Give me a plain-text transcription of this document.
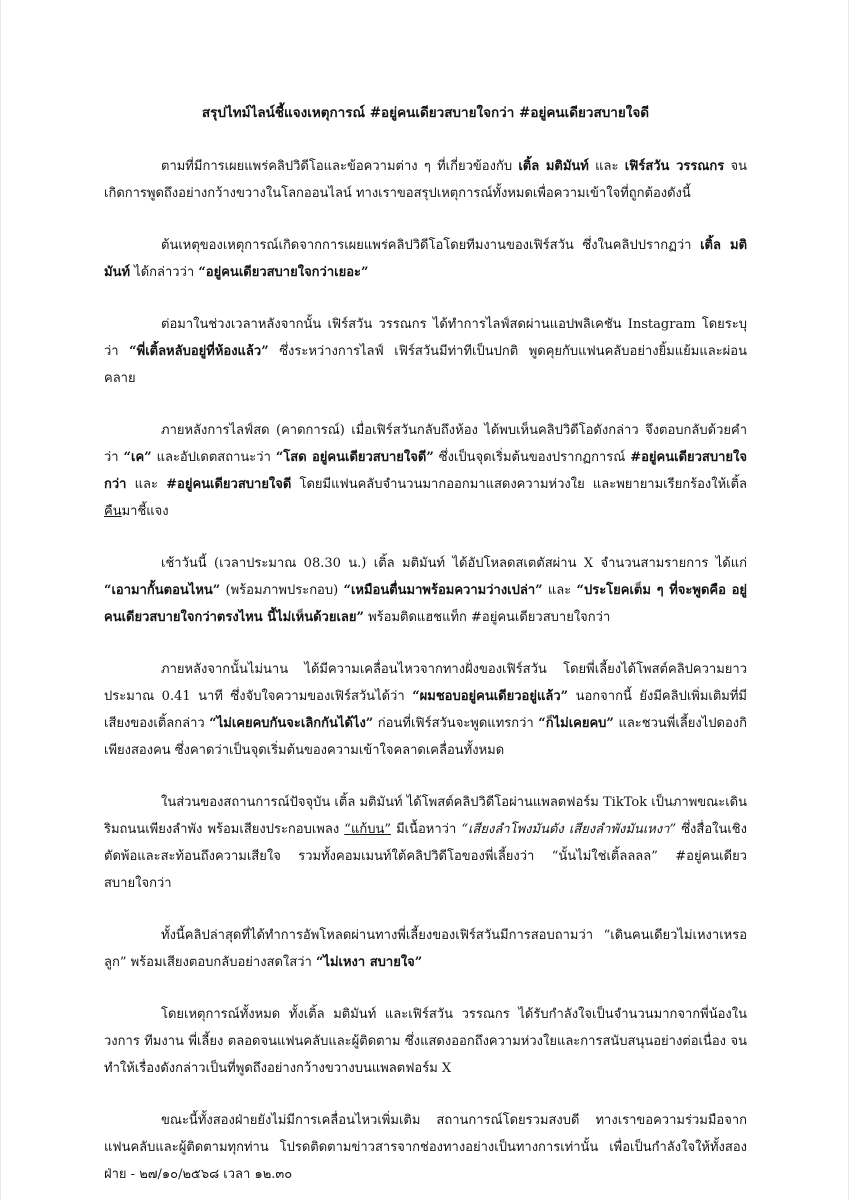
สรุปไทม์ไลน์ชี้แจงเหตุการณ์ #อยู่คนเดียวสบายใจกว่า #อยู่คนเดียวสบายใจดี

ตามที่มีการเผยแพร่คลิปวิดีโอและข้อความต่าง ๆ ที่เกี่ยวข้องกับ เติ้ล มติมันท์ และ เฟิร์สวัน วรรณกร จนเกิดการพูดถึงอย่างกว้างขวางในโลกออนไลน์ ทางเราขอสรุปเหตุการณ์ทั้งหมดเพื่อความเข้าใจที่ถูกต้องดังนี้

ต้นเหตุของเหตุการณ์เกิดจากการเผยแพร่คลิปวิดีโอโดยทีมงานของเฟิร์สวัน ซึ่งในคลิปปรากฏว่า เติ้ล มติมันท์ ได้กล่าวว่า “อยู่คนเดียวสบายใจกว่าเยอะ”

ต่อมาในช่วงเวลาหลังจากนั้น เฟิร์สวัน วรรณกร ได้ทำการไลฟ์สดผ่านแอปพลิเคชัน Instagram โดยระบุว่า “พี่เติ้ลหลับอยู่ที่ห้องแล้ว” ซึ่งระหว่างการไลฟ์ เฟิร์สวันมีท่าทีเป็นปกติ พูดคุยกับแฟนคลับอย่างยิ้มแย้มและผ่อนคลาย

ภายหลังการไลฟ์สด (คาดการณ์) เมื่อเฟิร์สวันกลับถึงห้อง ได้พบเห็นคลิปวิดีโอดังกล่าว จึงตอบกลับด้วยคำว่า “เค” และอัปเดตสถานะว่า “โสด อยู่คนเดียวสบายใจดี” ซึ่งเป็นจุดเริ่มต้นของปรากฏการณ์ #อยู่คนเดียวสบายใจกว่า และ #อยู่คนเดียวสบายใจดี โดยมีแฟนคลับจำนวนมากออกมาแสดงความห่วงใย และพยายามเรียกร้องให้เติ้ลคืนมาชี้แจง

เช้าวันนี้ (เวลาประมาณ 08.30 น.) เติ้ล มติมันท์ ได้อัปโหลดสเตตัสผ่าน X จำนวนสามรายการ ได้แก่ “เอามากั้นตอนไหน” (พร้อมภาพประกอบ) “เหมือนตื่นมาพร้อมความว่างเปล่า” และ “ประโยคเต็ม ๆ ที่จะพูดคือ อยู่คนเดียวสบายใจกว่าตรงไหน นี้ไม่เห็นด้วยเลย” พร้อมติดแฮชแท็ก #อยู่คนเดียวสบายใจกว่า

ภายหลังจากนั้นไม่นาน ได้มีความเคลื่อนไหวจากทางฝั่งของเฟิร์สวัน โดยพี่เลี้ยงได้โพสต์คลิปความยาวประมาณ 0.41 นาที ซึ่งจับใจความของเฟิร์สวันได้ว่า “ผมชอบอยู่คนเดียวอยู่แล้ว” นอกจากนี้ ยังมีคลิปเพิ่มเติมที่มีเสียงของเติ้ลกล่าว “ไม่เคยคบกันจะเลิกกันได้ไง” ก่อนที่เฟิร์สวันจะพูดแทรกว่า “ก็ไม่เคยคบ” และชวนพี่เลี้ยงไปดองกิเพียงสองคน ซึ่งคาดว่าเป็นจุดเริ่มต้นของความเข้าใจคลาดเคลื่อนทั้งหมด

ในส่วนของสถานการณ์ปัจจุบัน เติ้ล มติมันท์ ได้โพสต์คลิปวิดีโอผ่านแพลตฟอร์ม TikTok เป็นภาพขณะเดินริมถนนเพียงลำพัง พร้อมเสียงประกอบเพลง “แก้บน” มีเนื้อหาว่า “เสียงลำโพงมันดัง เสียงลำพังมันเหงา” ซึ่งสื่อในเชิงตัดพ้อและสะท้อนถึงความเสียใจ รวมทั้งคอมเมนท์ใต้คลิปวิดีโอของพี่เลี้ยงว่า “นั้นไม่ใช่เติ้ลลลล” #อยู่คนเดียวสบายใจกว่า

ทั้งนี้คลิปล่าสุดที่ได้ทำการอัพโหลดผ่านทางพี่เลี้ยงของเฟิร์สวันมีการสอบถามว่า “เดินคนเดียวไม่เหงาเหรอลูก” พร้อมเสียงตอบกลับอย่างสดใสว่า “ไม่เหงา สบายใจ”

โดยเหตุการณ์ทั้งหมด ทั้งเติ้ล มติมันท์ และเฟิร์สวัน วรรณกร ได้รับกำลังใจเป็นจำนวนมากจากพี่น้องในวงการ ทีมงาน พี่เลี้ยง ตลอดจนแฟนคลับและผู้ติดตาม ซึ่งแสดงออกถึงความห่วงใยและการสนับสนุนอย่างต่อเนื่อง จนทำให้เรื่องดังกล่าวเป็นที่พูดถึงอย่างกว้างขวางบนแพลตฟอร์ม X

ขณะนี้ทั้งสองฝ่ายยังไม่มีการเคลื่อนไหวเพิ่มเติม สถานการณ์โดยรวมสงบดี ทางเราขอความร่วมมือจากแฟนคลับและผู้ติดตามทุกท่าน โปรดติดตามข่าวสารจากช่องทางอย่างเป็นทางการเท่านั้น เพื่อเป็นกำลังใจให้ทั้งสองฝ่าย - ๒๗/๑๐/๒๕๖๘ เวลา ๑๒.๓๐
